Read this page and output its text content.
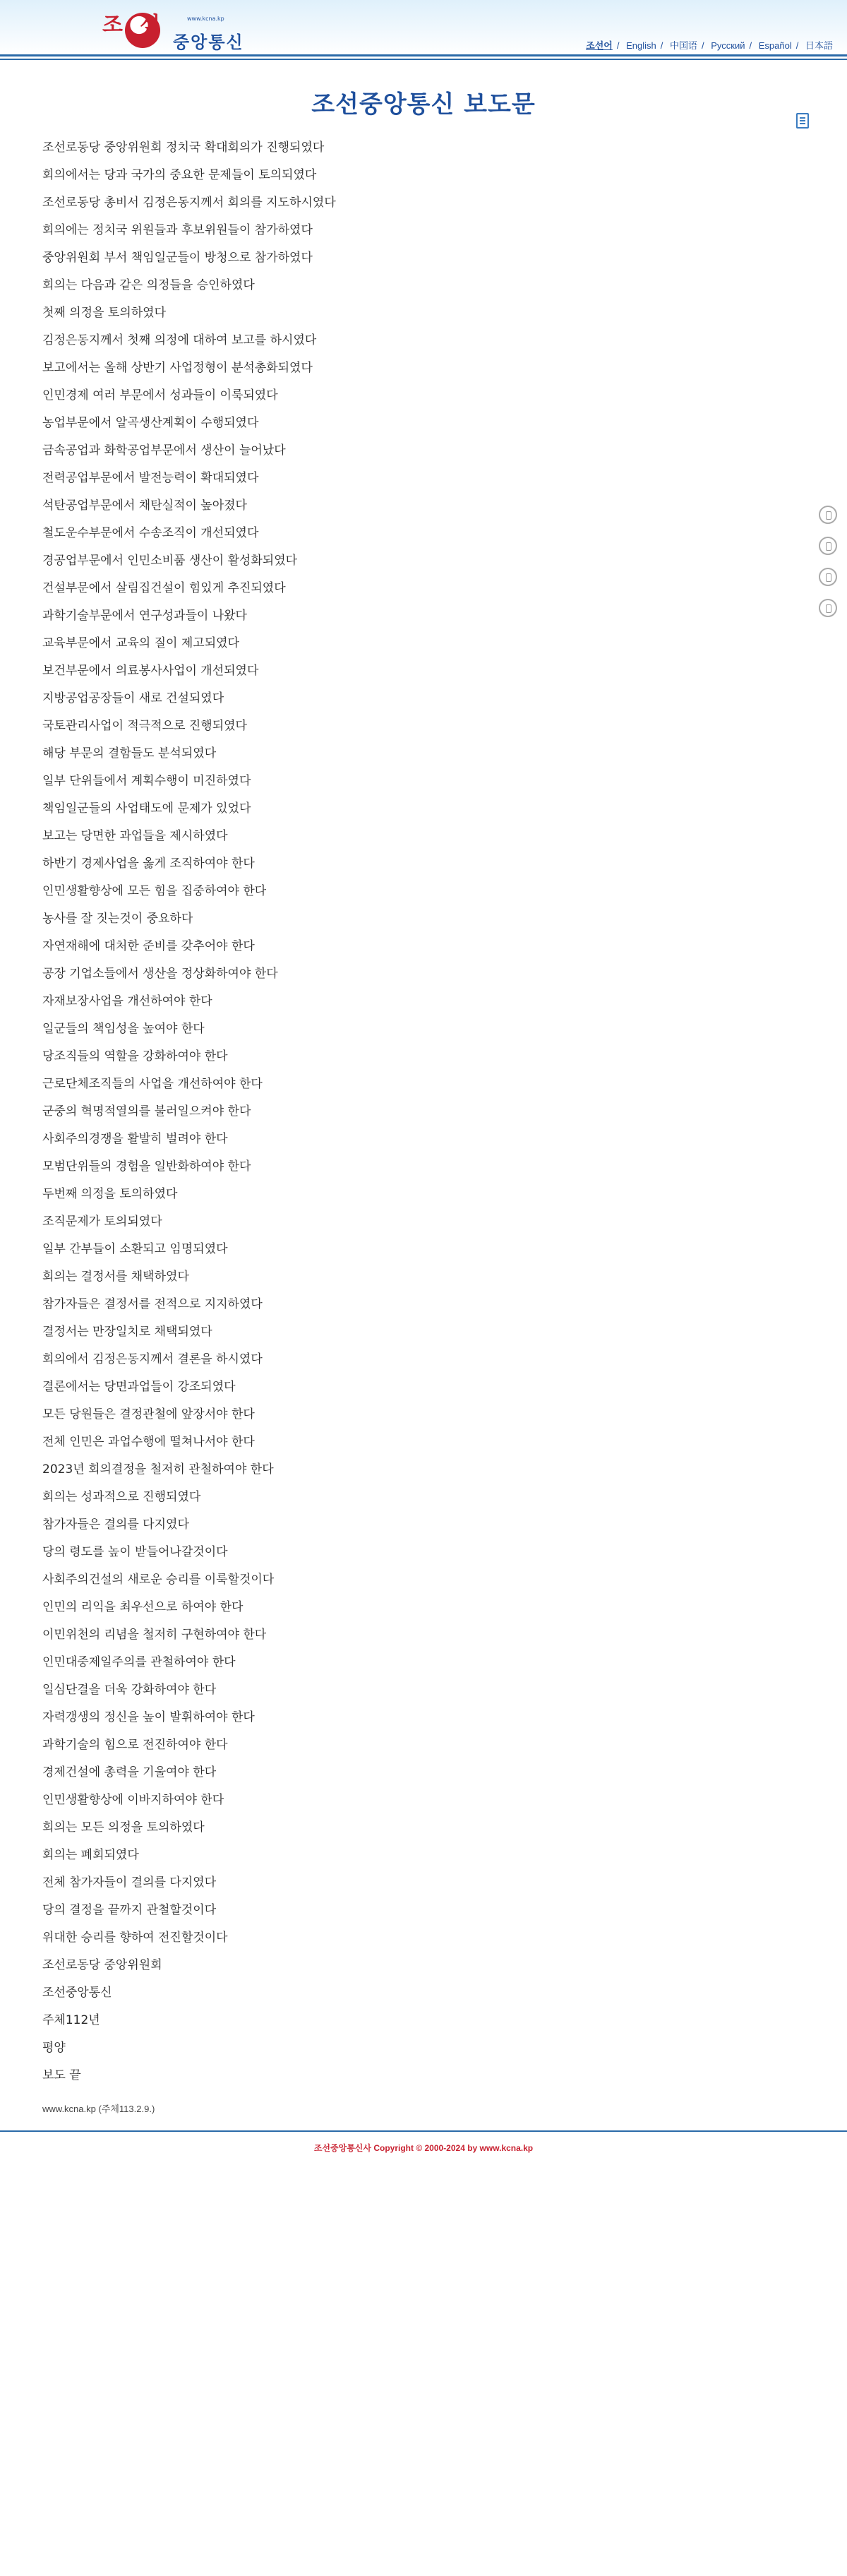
조선	www.kcna.kp
중앙통신	조선어 / English / 中国语 / Русский / Español / 日本語
조선중앙통신 보도문

조선로동당 중앙위원회 정치국 확대회의가 진행되였다

회의에서는 당과 국가의 중요한 문제들이 토의되였다

조선로동당 총비서 김정은동지께서 회의를 지도하시였다

회의에는 정치국 위원들과 후보위원들이 참가하였다

중앙위원회 부서 책임일군들이 방청으로 참가하였다

회의는 다음과 같은 의정들을 승인하였다

첫째 의정을 토의하였다

김정은동지께서 첫째 의정에 대하여 보고를 하시였다

보고에서는 올해 상반기 사업정형이 분석총화되였다

인민경제 여러 부문에서 성과들이 이룩되였다

농업부문에서 알곡생산계획이 수행되였다

금속공업과 화학공업부문에서 생산이 늘어났다

전력공업부문에서 발전능력이 확대되였다

석탄공업부문에서 채탄실적이 높아졌다

철도운수부문에서 수송조직이 개선되였다

경공업부문에서 인민소비품 생산이 활성화되였다

건설부문에서 살림집건설이 힘있게 추진되였다

과학기술부문에서 연구성과들이 나왔다

교육부문에서 교육의 질이 제고되였다

보건부문에서 의료봉사사업이 개선되였다

지방공업공장들이 새로 건설되였다

국토관리사업이 적극적으로 진행되였다

해당 부문의 결함들도 분석되였다

일부 단위들에서 계획수행이 미진하였다

책임일군들의 사업태도에 문제가 있었다

보고는 당면한 과업들을 제시하였다

하반기 경제사업을 옳게 조직하여야 한다

인민생활향상에 모든 힘을 집중하여야 한다

농사를 잘 짓는것이 중요하다

자연재해에 대처한 준비를 갖추어야 한다

공장 기업소들에서 생산을 정상화하여야 한다

자재보장사업을 개선하여야 한다

일군들의 책임성을 높여야 한다

당조직들의 역할을 강화하여야 한다

근로단체조직들의 사업을 개선하여야 한다

군중의 혁명적열의를 불러일으켜야 한다

사회주의경쟁을 활발히 벌려야 한다

모범단위들의 경험을 일반화하여야 한다

두번째 의정을 토의하였다

조직문제가 토의되였다

일부 간부들이 소환되고 임명되였다

회의는 결정서를 채택하였다

참가자들은 결정서를 전적으로 지지하였다

결정서는 만장일치로 채택되였다

회의에서 김정은동지께서 결론을 하시였다

결론에서는 당면과업들이 강조되였다

모든 당원들은 결정관철에 앞장서야 한다

전체 인민은 과업수행에 떨쳐나서야 한다

2023년 회의결정을 철저히 관철하여야 한다

회의는 성과적으로 진행되였다

참가자들은 결의를 다지였다

당의 령도를 높이 받들어나갈것이다

사회주의건설의 새로운 승리를 이룩할것이다

인민의 리익을 최우선으로 하여야 한다

이민위천의 리념을 철저히 구현하여야 한다

인민대중제일주의를 관철하여야 한다

일심단결을 더욱 강화하여야 한다

자력갱생의 정신을 높이 발휘하여야 한다

과학기술의 힘으로 전진하여야 한다

경제건설에 총력을 기울여야 한다

인민생활향상에 이바지하여야 한다

회의는 모든 의정을 토의하였다

회의는 폐회되였다

전체 참가자들이 결의를 다지였다

당의 결정을 끝까지 관철할것이다

위대한 승리를 향하여 전진할것이다

조선로동당 중앙위원회

조선중앙통신

주체112년

평양

보도 끝

www.kcna.kp (주체113.2.9.)
조선중앙통신사 Copyright © 2000-2024 by www.kcna.kp
